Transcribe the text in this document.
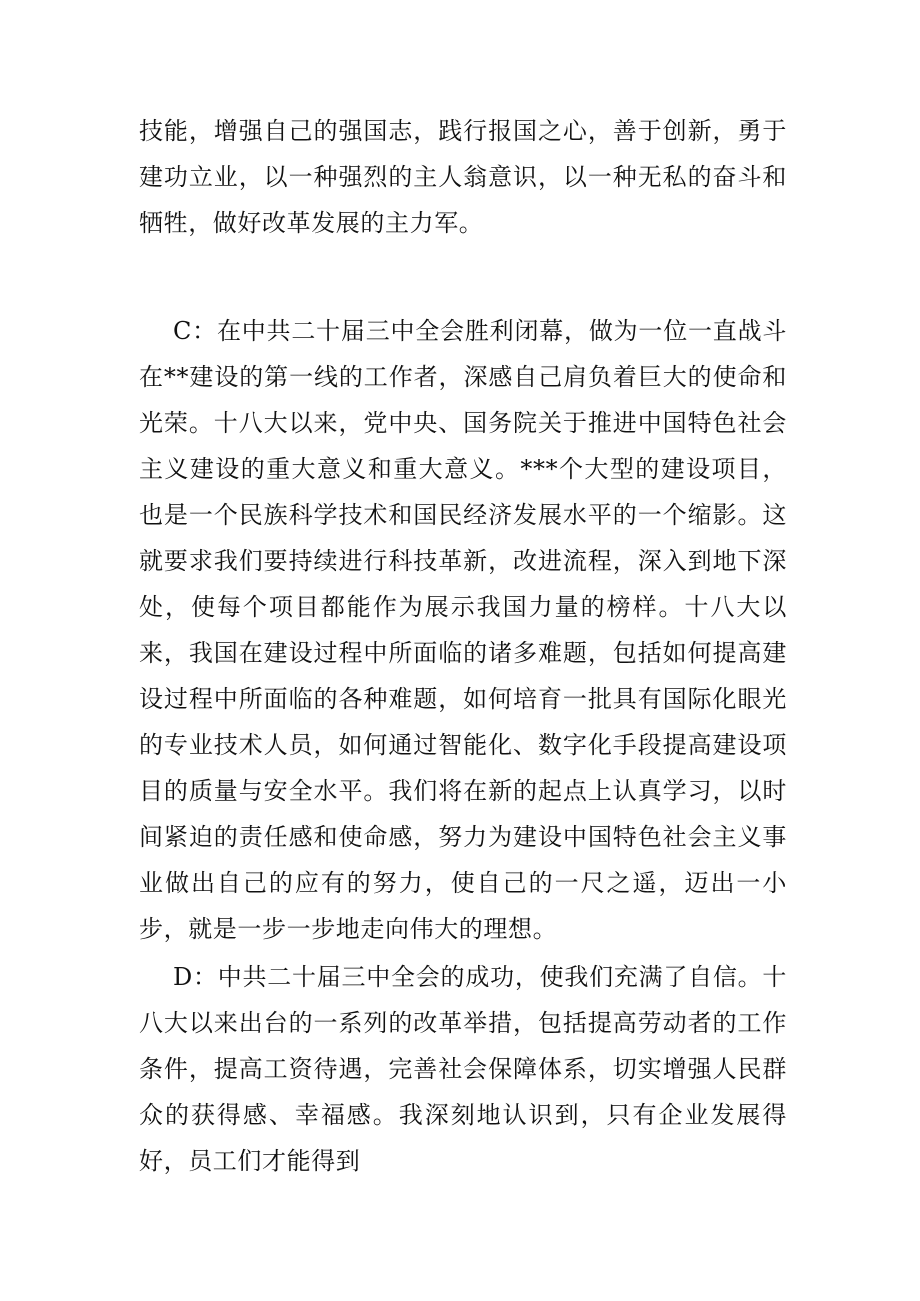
技能，增强自己的强国志，践行报国之心，善于创新，勇于建功立业，以一种强烈的主人翁意识，以一种无私的奋斗和牺牲，做好改革发展的主力军。

C：在中共二十届三中全会胜利闭幕，做为一位一直战斗在**建设的第一线的工作者，深感自己肩负着巨大的使命和光荣。十八大以来，党中央、国务院关于推进中国特色社会主义建设的重大意义和重大意义。***个大型的建设项目，也是一个民族科学技术和国民经济发展水平的一个缩影。这就要求我们要持续进行科技革新，改进流程，深入到地下深处，使每个项目都能作为展示我国力量的榜样。十八大以来，我国在建设过程中所面临的诸多难题，包括如何提高建设过程中所面临的各种难题，如何培育一批具有国际化眼光的专业技术人员，如何通过智能化、数字化手段提高建设项目的质量与安全水平。我们将在新的起点上认真学习，以时间紧迫的责任感和使命感，努力为建设中国特色社会主义事业做出自己的应有的努力，使自己的一尺之遥，迈出一小步，就是一步一步地走向伟大的理想。

D：中共二十届三中全会的成功，使我们充满了自信。十八大以来出台的一系列的改革举措，包括提高劳动者的工作条件，提高工资待遇，完善社会保障体系，切实增强人民群众的获得感、幸福感。我深刻地认识到，只有企业发展得好，员工们才能得到
